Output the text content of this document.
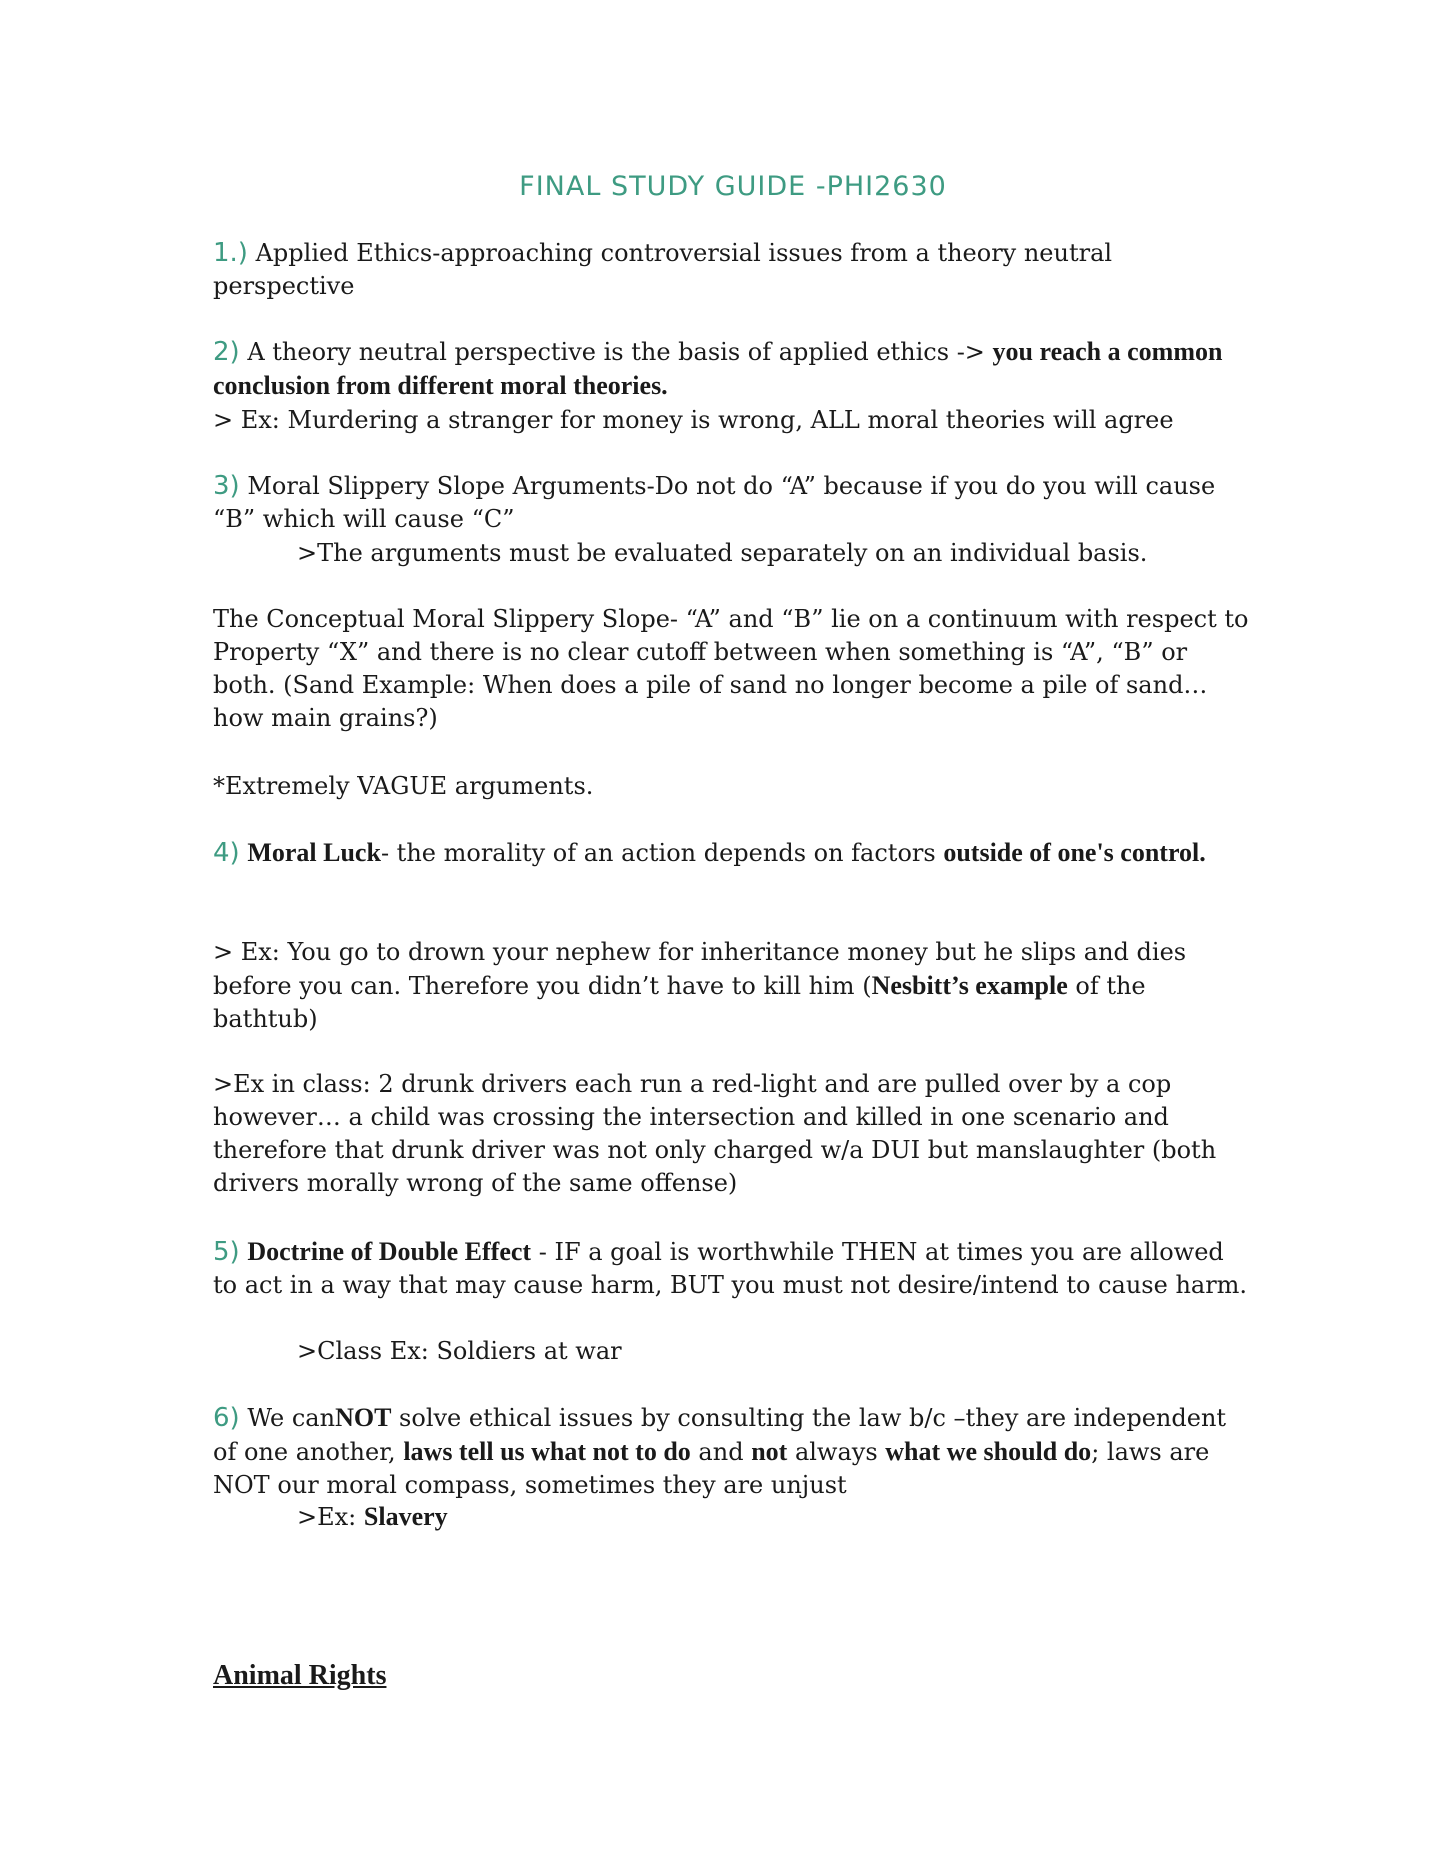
FINAL STUDY GUIDE -PHI2630

1.) Applied Ethics-approaching controversial issues from a theory neutral perspective

2) A theory neutral perspective is the basis of applied ethics -> you reach a common conclusion from different moral theories.

> Ex: Murdering a stranger for money is wrong, ALL moral theories will agree

3) Moral Slippery Slope Arguments-Do not do “A” because if you do you will cause “B” which will cause “C”

>The arguments must be evaluated separately on an individual basis.

The Conceptual Moral Slippery Slope- “A” and “B” lie on a continuum with respect to Property “X” and there is no clear cutoff between when something is “A”, “B” or both. (Sand Example: When does a pile of sand no longer become a pile of sand… how main grains?)

*Extremely VAGUE arguments.

4) Moral Luck- the morality of an action depends on factors outside of one's control.

> Ex: You go to drown your nephew for inheritance money but he slips and dies before you can. Therefore you didn’t have to kill him (Nesbitt’s example of the bathtub)

>Ex in class: 2 drunk drivers each run a red-light and are pulled over by a cop however… a child was crossing the intersection and killed in one scenario and therefore that drunk driver was not only charged w/a DUI but manslaughter (both drivers morally wrong of the same offense)

5) Doctrine of Double Effect - IF a goal is worthwhile THEN at times you are allowed to act in a way that may cause harm, BUT you must not desire/intend to cause harm.

>Class Ex: Soldiers at war

6) We canNOT solve ethical issues by consulting the law b/c –they are independent of one another, laws tell us what not to do and not always what we should do; laws are NOT our moral compass, sometimes they are unjust

>Ex: Slavery

Animal Rights
